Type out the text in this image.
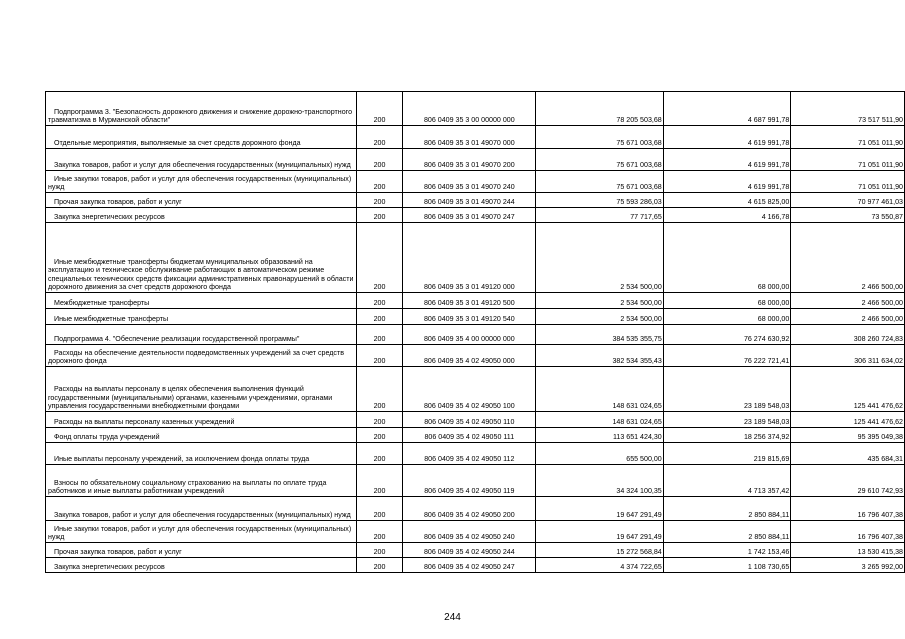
Подпрограмма 3. "Безопасность дорожного движения и снижение дорожно-транспортного травматизма в Мурманской области"	200	806 0409 35 3 00 00000 000	78 205 503,68	4 687 991,78	73 517 511,90

Отдельные мероприятия, выполняемые за счет средств дорожного фонда	200	806 0409 35 3 01 49070 000	75 671 003,68	4 619 991,78	71 051 011,90

Закупка товаров, работ и услуг для обеспечения государственных (муниципальных) нужд	200	806 0409 35 3 01 49070 200	75 671 003,68	4 619 991,78	71 051 011,90

Иные закупки товаров, работ и услуг для обеспечения государственных (муниципальных) нужд	200	806 0409 35 3 01 49070 240	75 671 003,68	4 619 991,78	71 051 011,90

Прочая закупка товаров, работ и услуг	200	806 0409 35 3 01 49070 244	75 593 286,03	4 615 825,00	70 977 461,03

Закупка энергетических ресурсов	200	806 0409 35 3 01 49070 247	77 717,65	4 166,78	73 550,87

Иные межбюджетные трансферты бюджетам муниципальных образований на эксплуатацию и техническое обслуживание работающих в автоматическом режиме специальных технических средств фиксации административных правонарушений в области дорожного движения за счет средств дорожного фонда	200	806 0409 35 3 01 49120 000	2 534 500,00	68 000,00	2 466 500,00

Межбюджетные трансферты	200	806 0409 35 3 01 49120 500	2 534 500,00	68 000,00	2 466 500,00

Иные межбюджетные трансферты	200	806 0409 35 3 01 49120 540	2 534 500,00	68 000,00	2 466 500,00

Подпрограмма 4. "Обеспечение реализации государственной программы"	200	806 0409 35 4 00 00000 000	384 535 355,75	76 274 630,92	308 260 724,83

Расходы на обеспечение деятельности подведомственных учреждений за счет средств дорожного фонда	200	806 0409 35 4 02 49050 000	382 534 355,43	76 222 721,41	306 311 634,02

Расходы на выплаты персоналу в целях обеспечения выполнения функций государственными (муниципальными) органами, казенными учреждениями, органами управления государственными внебюджетными фондами	200	806 0409 35 4 02 49050 100	148 631 024,65	23 189 548,03	125 441 476,62

Расходы на выплаты персоналу казенных учреждений	200	806 0409 35 4 02 49050 110	148 631 024,65	23 189 548,03	125 441 476,62

Фонд оплаты труда учреждений	200	806 0409 35 4 02 49050 111	113 651 424,30	18 256 374,92	95 395 049,38

Иные выплаты персоналу учреждений, за исключением фонда оплаты труда	200	806 0409 35 4 02 49050 112	655 500,00	219 815,69	435 684,31

Взносы по обязательному социальному страхованию на выплаты по оплате труда работников и иные выплаты работникам учреждений	200	806 0409 35 4 02 49050 119	34 324 100,35	4 713 357,42	29 610 742,93

Закупка товаров, работ и услуг для обеспечения государственных (муниципальных) нужд	200	806 0409 35 4 02 49050 200	19 647 291,49	2 850 884,11	16 796 407,38

Иные закупки товаров, работ и услуг для обеспечения государственных (муниципальных) нужд	200	806 0409 35 4 02 49050 240	19 647 291,49	2 850 884,11	16 796 407,38

Прочая закупка товаров, работ и услуг	200	806 0409 35 4 02 49050 244	15 272 568,84	1 742 153,46	13 530 415,38

Закупка энергетических ресурсов	200	806 0409 35 4 02 49050 247	4 374 722,65	1 108 730,65	3 265 992,00
244
